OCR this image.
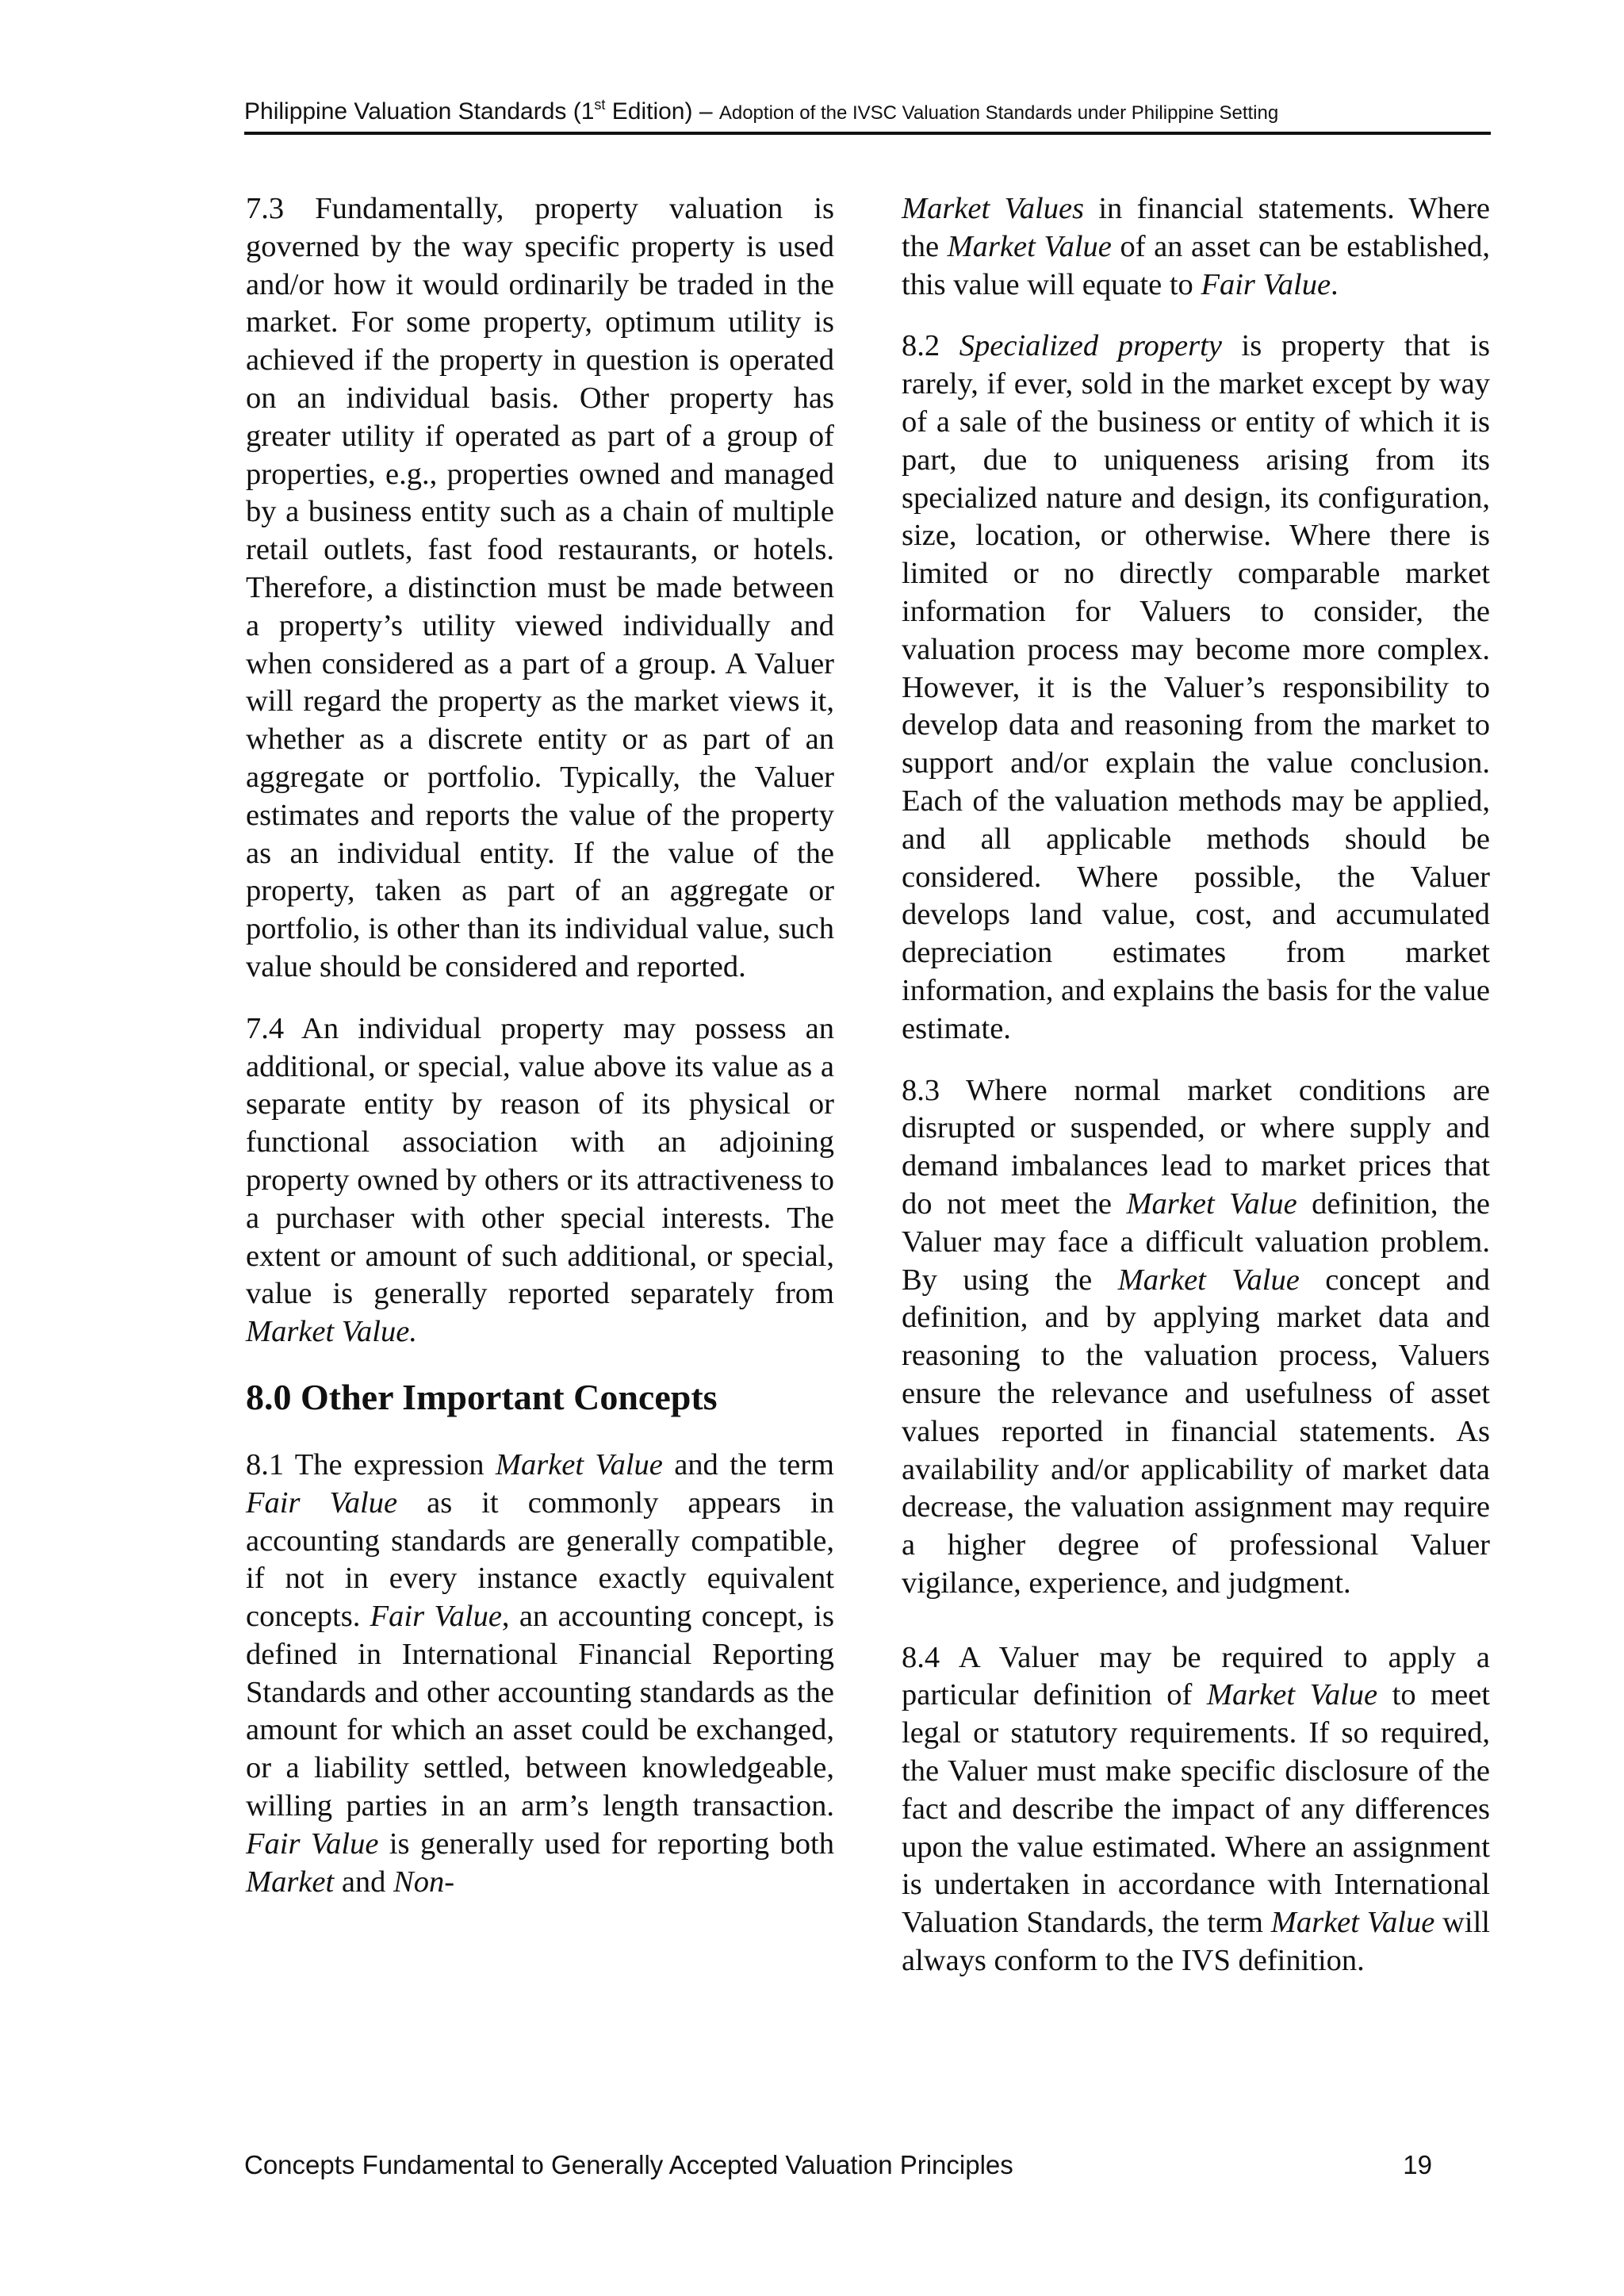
Philippine Valuation Standards (1st Edition) – Adoption of the IVSC Valuation Standards under Philippine Setting

7.3 Fundamentally, property valuation is governed by the way specific property is used and/or how it would ordinarily be traded in the market. For some property, optimum utility is achieved if the property in question is operated on an individual basis. Other property has greater utility if operated as part of a group of properties, e.g., properties owned and managed by a business entity such as a chain of multiple retail outlets, fast food restaurants, or hotels. Therefore, a distinction must be made between a property’s utility viewed individually and when considered as a part of a group. A Valuer will regard the property as the market views it, whether as a discrete entity or as part of an aggregate or portfolio. Typically, the Valuer estimates and reports the value of the property as an individual entity. If the value of the property, taken as part of an aggregate or portfolio, is other than its individual value, such value should be considered and reported.

7.4 An individual property may possess an additional, or special, value above its value as a separate entity by reason of its physical or functional association with an adjoining property owned by others or its attractiveness to a purchaser with other special interests. The extent or amount of such additional, or special, value is generally reported separately from Market Value.

8.0 Other Important Concepts

8.1 The expression Market Value and the term Fair Value as it commonly appears in accounting standards are generally compatible, if not in every instance exactly equivalent concepts. Fair Value, an accounting concept, is defined in International Financial Reporting Standards and other accounting standards as the amount for which an asset could be exchanged, or a liability settled, between knowledgeable, willing parties in an arm’s length transaction. Fair Value is generally used for reporting both Market and Non-

Market Values in financial statements. Where the Market Value of an asset can be established, this value will equate to Fair Value.

8.2 Specialized property is property that is rarely, if ever, sold in the market except by way of a sale of the business or entity of which it is part, due to uniqueness arising from its specialized nature and design, its configuration, size, location, or otherwise. Where there is limited or no directly comparable market information for Valuers to consider, the valuation process may become more complex. However, it is the Valuer’s responsibility to develop data and reasoning from the market to support and/or explain the value conclusion. Each of the valuation methods may be applied, and all applicable methods should be considered. Where possible, the Valuer develops land value, cost, and accumulated depreciation estimates from market information, and explains the basis for the value estimate.

8.3 Where normal market conditions are disrupted or suspended, or where supply and demand imbalances lead to market prices that do not meet the Market Value definition, the Valuer may face a difficult valuation problem. By using the Market Value concept and definition, and by applying market data and reasoning to the valuation process, Valuers ensure the relevance and usefulness of asset values reported in financial statements. As availability and/or applicability of market data decrease, the valuation assignment may require a higher degree of professional Valuer vigilance, experience, and judgment.

8.4 A Valuer may be required to apply a particular definition of Market Value to meet legal or statutory requirements. If so required, the Valuer must make specific disclosure of the fact and describe the impact of any differences upon the value estimated. Where an assignment is undertaken in accordance with International Valuation Standards, the term Market Value will always conform to the IVS definition.

Concepts Fundamental to Generally Accepted Valuation Principles	19
